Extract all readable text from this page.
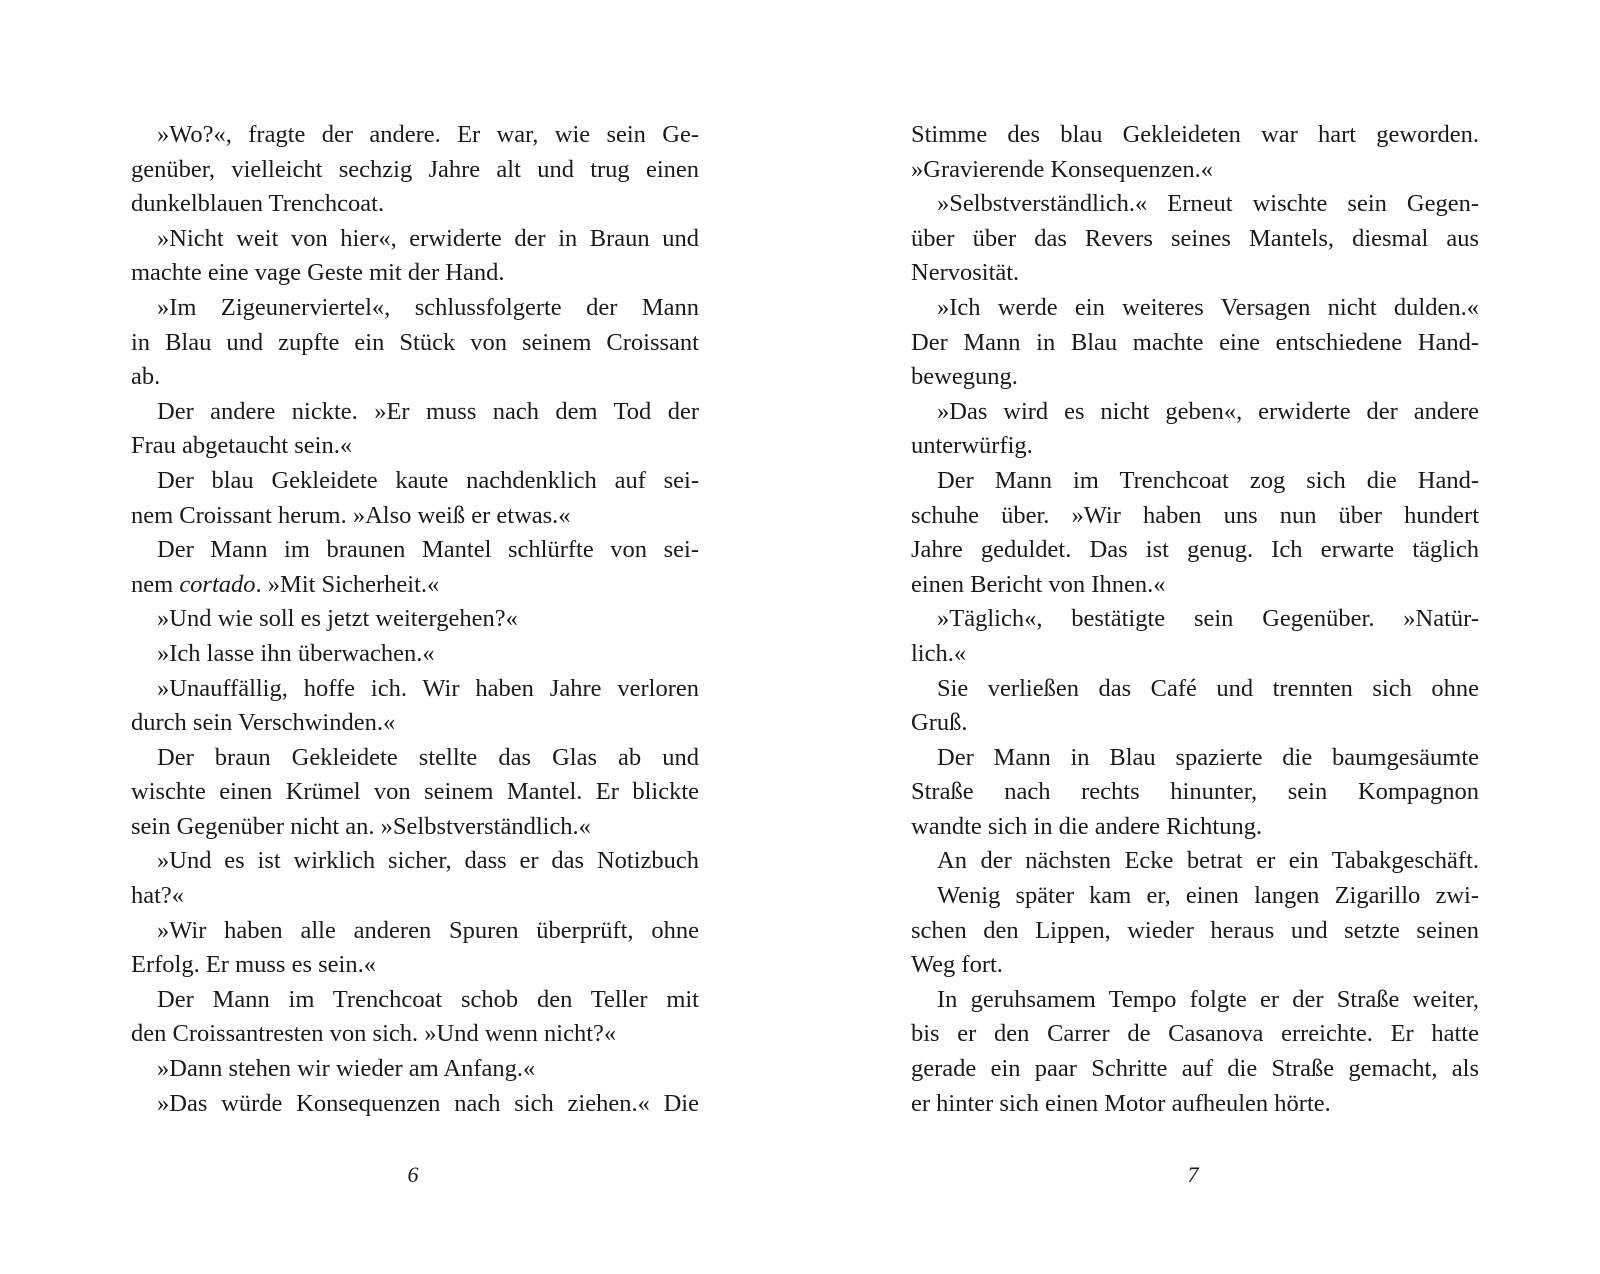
»Wo?«, fragte der andere. Er war, wie sein Ge-
genüber, vielleicht sechzig Jahre alt und trug einen
dunkelblauen Trenchcoat.
»Nicht weit von hier«, erwiderte der in Braun und
machte eine vage Geste mit der Hand.
»Im Zigeunerviertel«, schlussfolgerte der Mann
in Blau und zupfte ein Stück von seinem Croissant
ab.
Der andere nickte. »Er muss nach dem Tod der
Frau abgetaucht sein.«
Der blau Gekleidete kaute nachdenklich auf sei-
nem Croissant herum. »Also weiß er etwas.«
Der Mann im braunen Mantel schlürfte von sei-
nem cortado. »Mit Sicherheit.«
»Und wie soll es jetzt weitergehen?«
»Ich lasse ihn überwachen.«
»Unauffällig, hoffe ich. Wir haben Jahre verloren
durch sein Verschwinden.«
Der braun Gekleidete stellte das Glas ab und
wischte einen Krümel von seinem Mantel. Er blickte
sein Gegenüber nicht an. »Selbstverständlich.«
»Und es ist wirklich sicher, dass er das Notizbuch
hat?«
»Wir haben alle anderen Spuren überprüft, ohne
Erfolg. Er muss es sein.«
Der Mann im Trenchcoat schob den Teller mit
den Croissantresten von sich. »Und wenn nicht?«
»Dann stehen wir wieder am Anfang.«
»Das würde Konsequenzen nach sich ziehen.« Die
Stimme des blau Gekleideten war hart geworden.
»Gravierende Konsequenzen.«
»Selbstverständlich.« Erneut wischte sein Gegen-
über über das Revers seines Mantels, diesmal aus
Nervosität.
»Ich werde ein weiteres Versagen nicht dulden.«
Der Mann in Blau machte eine entschiedene Hand-
bewegung.
»Das wird es nicht geben«, erwiderte der andere
unterwürfig.
Der Mann im Trenchcoat zog sich die Hand-
schuhe über. »Wir haben uns nun über hundert
Jahre geduldet. Das ist genug. Ich erwarte täglich
einen Bericht von Ihnen.«
»Täglich«, bestätigte sein Gegenüber. »Natür-
lich.«
Sie verließen das Café und trennten sich ohne
Gruß.
Der Mann in Blau spazierte die baumgesäumte
Straße nach rechts hinunter, sein Kompagnon
wandte sich in die andere Richtung.
An der nächsten Ecke betrat er ein Tabakgeschäft.
Wenig später kam er, einen langen Zigarillo zwi-
schen den Lippen, wieder heraus und setzte seinen
Weg fort.
In geruhsamem Tempo folgte er der Straße weiter,
bis er den Carrer de Casanova erreichte. Er hatte
gerade ein paar Schritte auf die Straße gemacht, als
er hinter sich einen Motor aufheulen hörte.
6	7
